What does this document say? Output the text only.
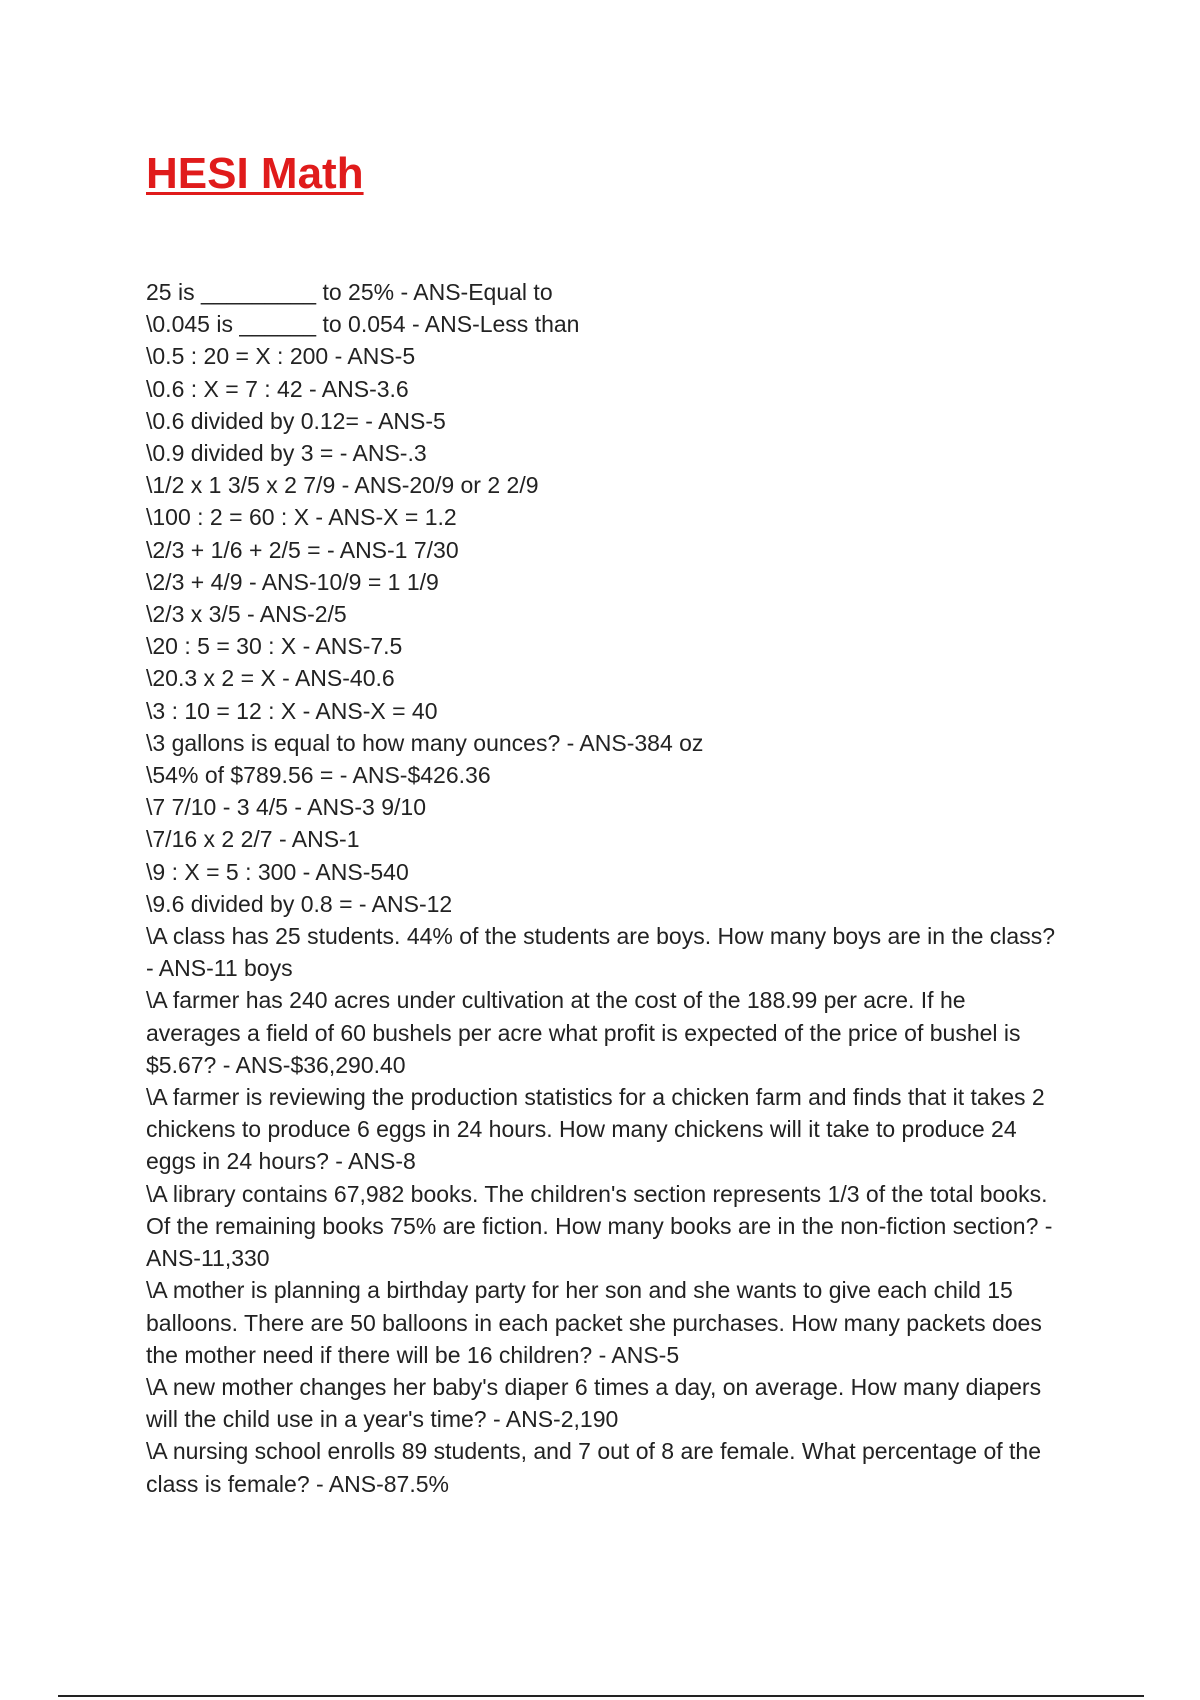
HESI Math
25 is _________ to 25% - ANS-Equal to
\0.045 is ______ to 0.054 - ANS-Less than
\0.5 : 20 = X : 200 - ANS-5
\0.6 : X = 7 : 42 - ANS-3.6
\0.6 divided by 0.12= - ANS-5
\0.9 divided by 3 = - ANS-.3
\1/2 x 1 3/5 x 2 7/9 - ANS-20/9 or 2 2/9
\100 : 2 = 60 : X - ANS-X = 1.2
\2/3 + 1/6 + 2/5 = - ANS-1 7/30
\2/3 + 4/9 - ANS-10/9 = 1 1/9
\2/3 x 3/5 - ANS-2/5
\20 : 5 = 30 : X - ANS-7.5
\20.3 x 2 = X - ANS-40.6
\3 : 10 = 12 : X - ANS-X = 40
\3 gallons is equal to how many ounces? - ANS-384 oz
\54% of $789.56 = - ANS-$426.36
\7 7/10 - 3 4/5 - ANS-3 9/10
\7/16 x 2 2/7 - ANS-1
\9 : X = 5 : 300 - ANS-540
\9.6 divided by 0.8 = - ANS-12
\A class has 25 students. 44% of the students are boys. How many boys are in the class? - ANS-11 boys
\A farmer has 240 acres under cultivation at the cost of the 188.99 per acre. If he averages a field of 60 bushels per acre what profit is expected of the price of bushel is $5.67? - ANS-$36,290.40
\A farmer is reviewing the production statistics for a chicken farm and finds that it takes 2 chickens to produce 6 eggs in 24 hours. How many chickens will it take to produce 24 eggs in 24 hours? - ANS-8
\A library contains 67,982 books. The children's section represents 1/3 of the total books. Of the remaining books 75% are fiction. How many books are in the non-fiction section? - ANS-11,330
\A mother is planning a birthday party for her son and she wants to give each child 15 balloons. There are 50 balloons in each packet she purchases. How many packets does the mother need if there will be 16 children? - ANS-5
\A new mother changes her baby's diaper 6 times a day, on average. How many diapers will the child use in a year's time? - ANS-2,190
\A nursing school enrolls 89 students, and 7 out of 8 are female. What percentage of the class is female? - ANS-87.5%
